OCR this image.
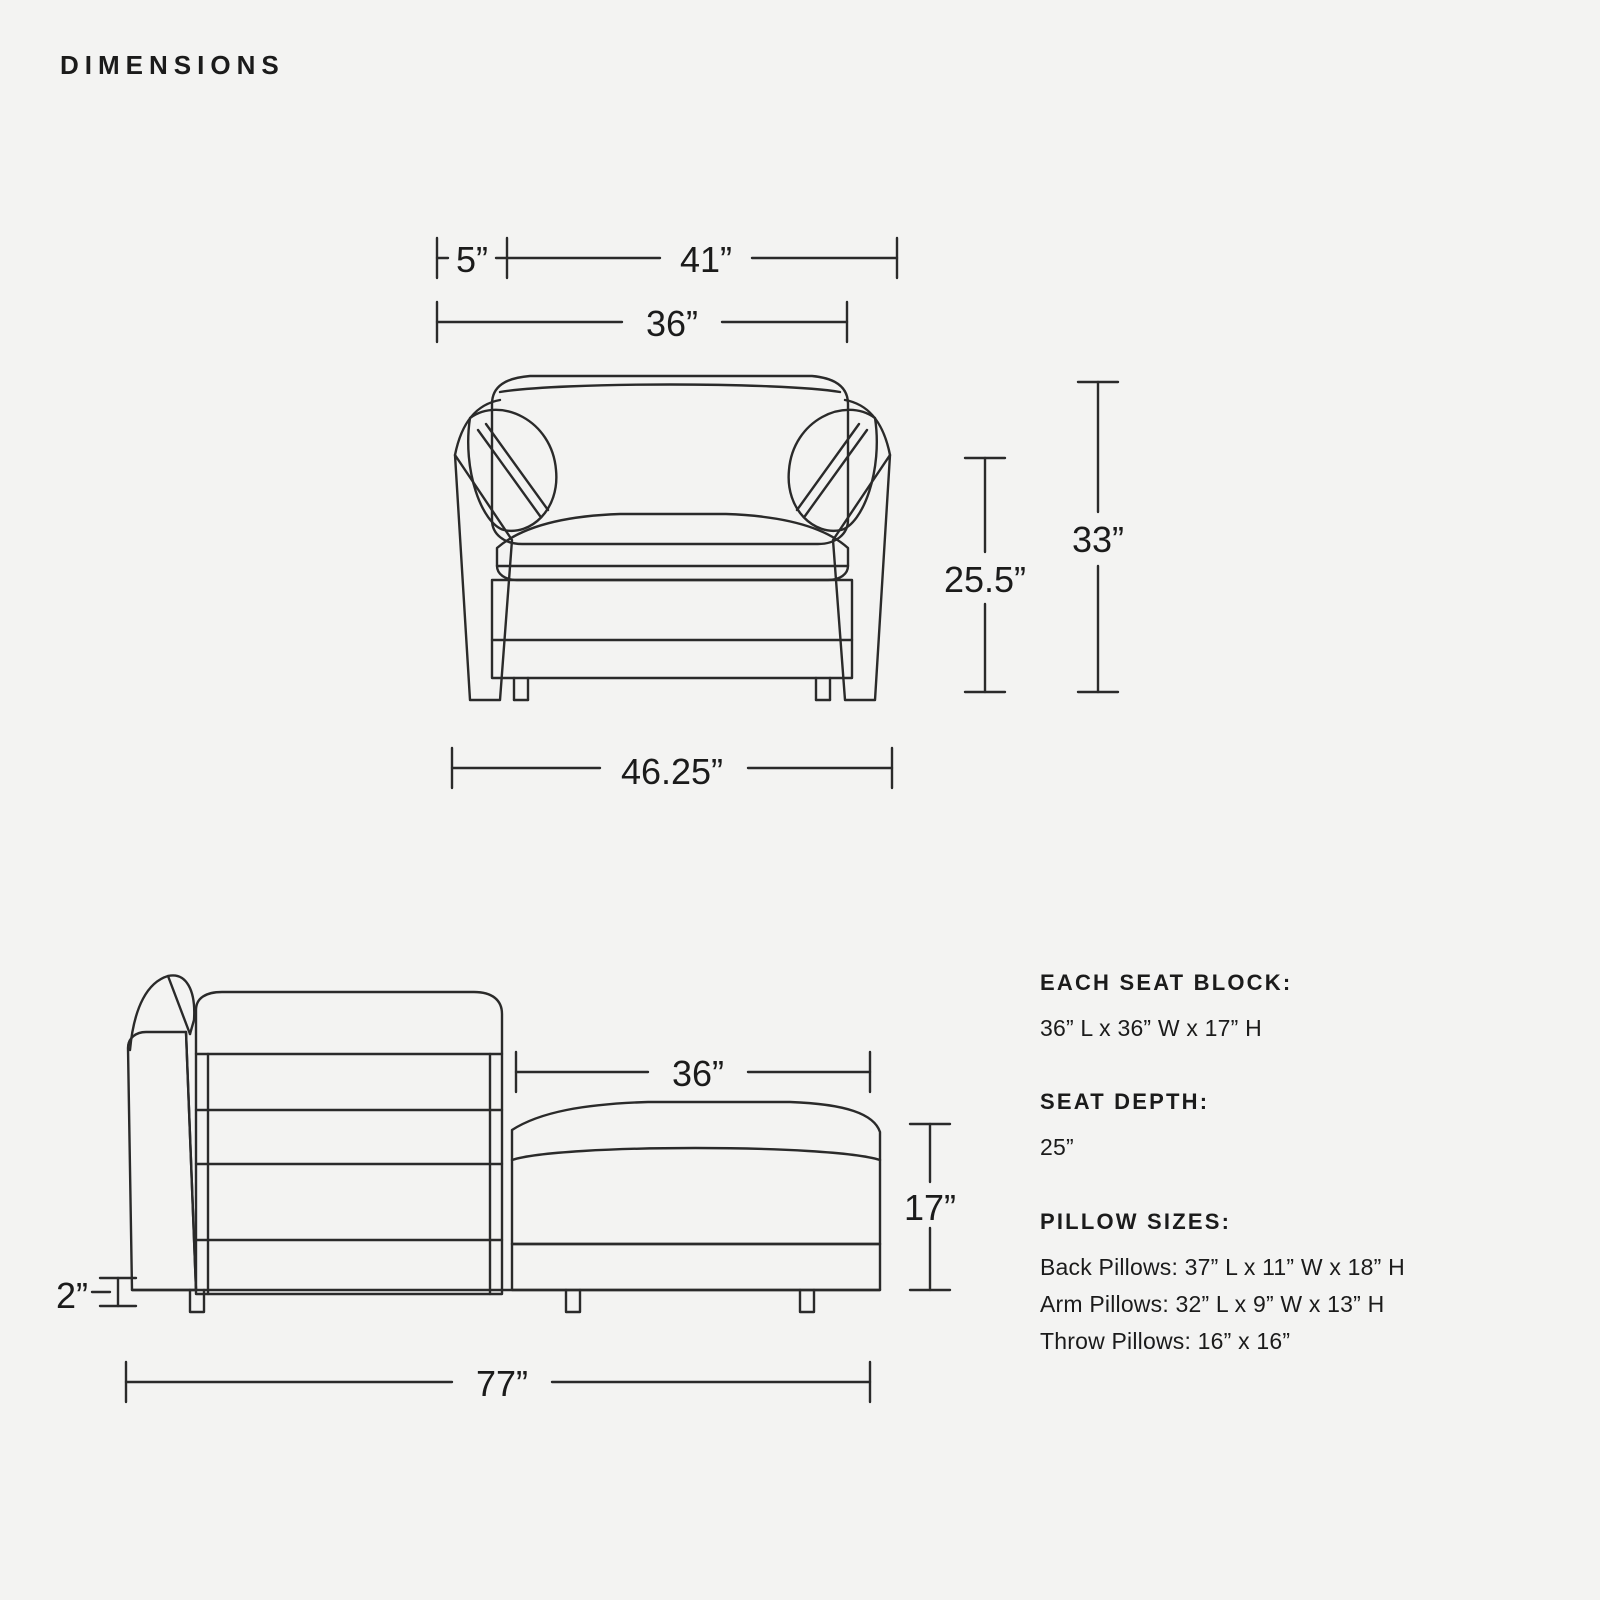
DIMENSIONS
5”	41”
36”
25.5”
33”
46.25”
36”
17”
2”
77”
EACH SEAT BLOCK:
36” L x 36” W x 17” H
SEAT DEPTH:
25”
PILLOW SIZES:
Back Pillows: 37” L x 11” W x 18” H
Arm Pillows: 32” L x 9” W x 13” H
Throw Pillows: 16” x 16”
